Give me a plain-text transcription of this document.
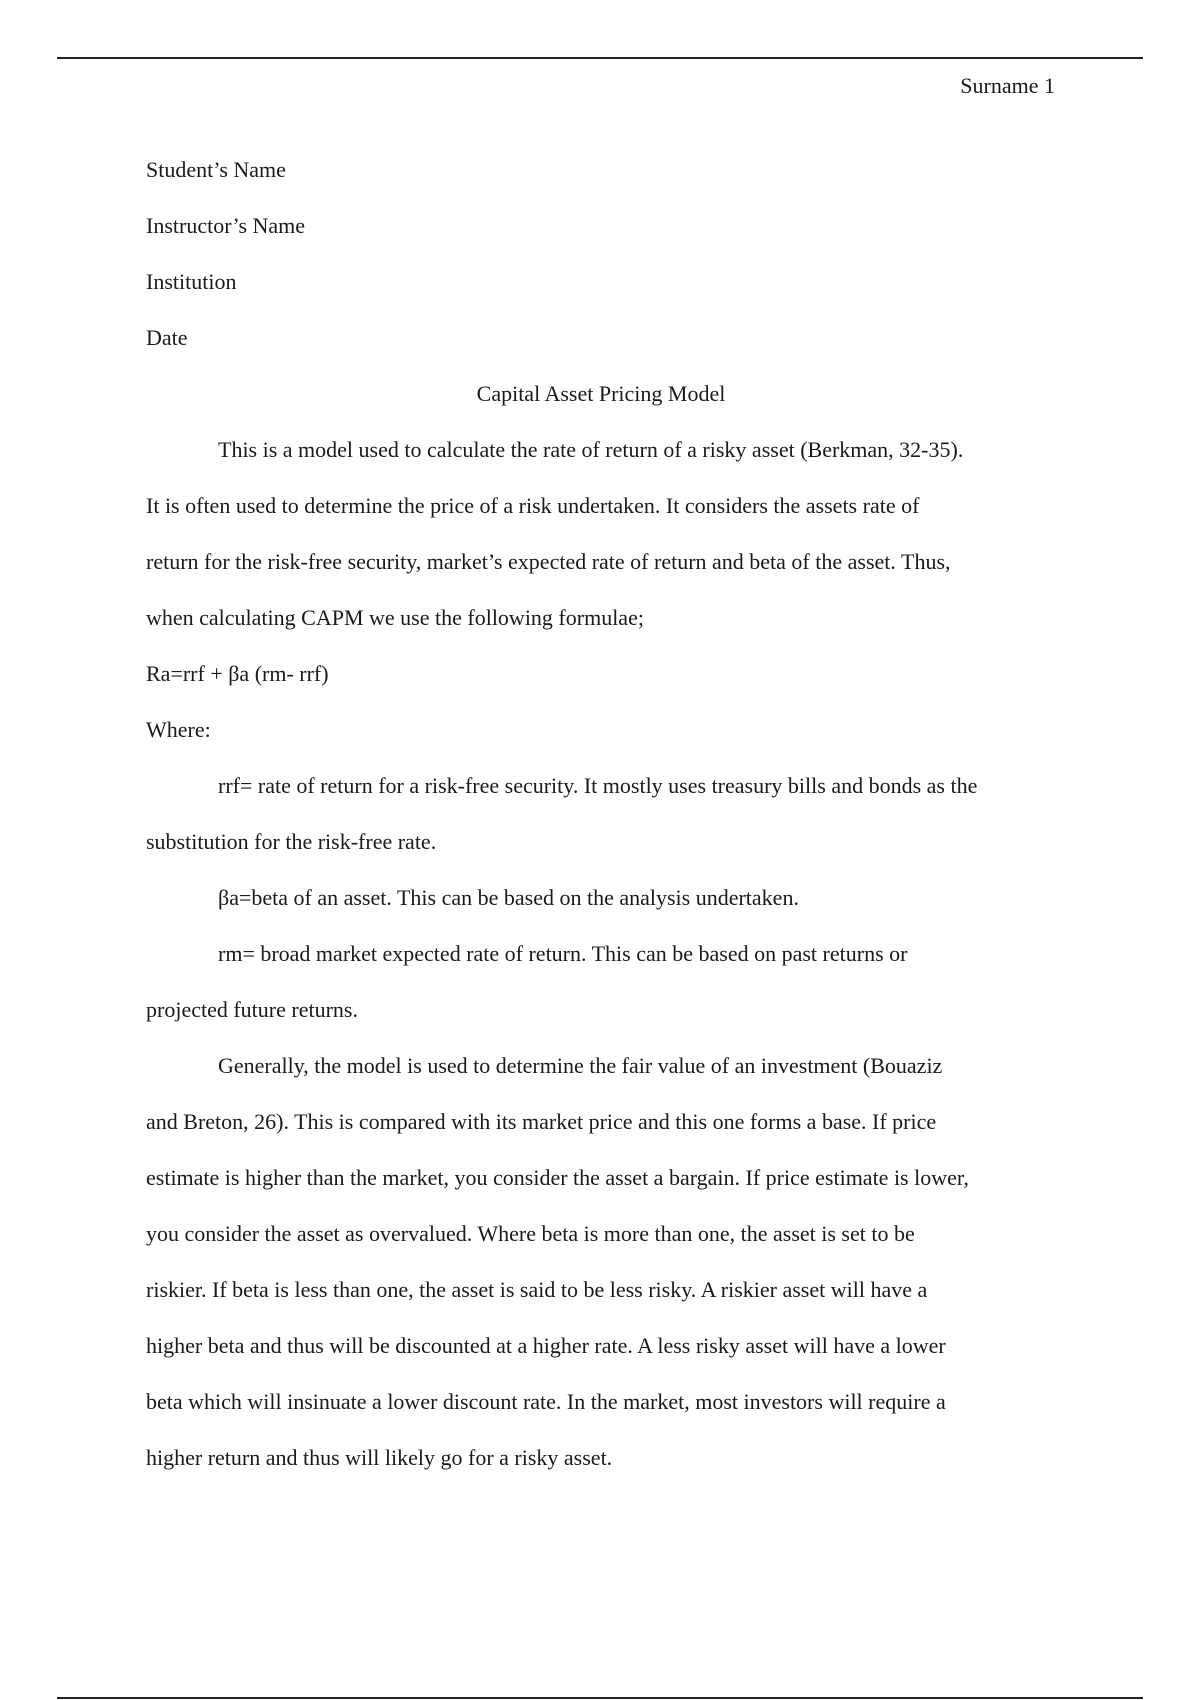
Surname 1

Student’s Name

Instructor’s Name

Institution

Date

Capital Asset Pricing Model

This is a model used to calculate the rate of return of a risky asset (Berkman, 32-35).

It is often used to determine the price of a risk undertaken. It considers the assets rate of

return for the risk-free security, market’s expected rate of return and beta of the asset. Thus,

when calculating CAPM we use the following formulae;

Ra=rrf + βa (rm- rrf)

Where:

rrf= rate of return for a risk-free security. It mostly uses treasury bills and bonds as the

substitution for the risk-free rate.

βa=beta of an asset. This can be based on the analysis undertaken.

rm= broad market expected rate of return. This can be based on past returns or

projected future returns.

Generally, the model is used to determine the fair value of an investment (Bouaziz

and Breton, 26). This is compared with its market price and this one forms a base. If price

estimate is higher than the market, you consider the asset a bargain. If price estimate is lower,

you consider the asset as overvalued. Where beta is more than one, the asset is set to be

riskier. If beta is less than one, the asset is said to be less risky. A riskier asset will have a

higher beta and thus will be discounted at a higher rate. A less risky asset will have a lower

beta which will insinuate a lower discount rate. In the market, most investors will require a

higher return and thus will likely go for a risky asset.
